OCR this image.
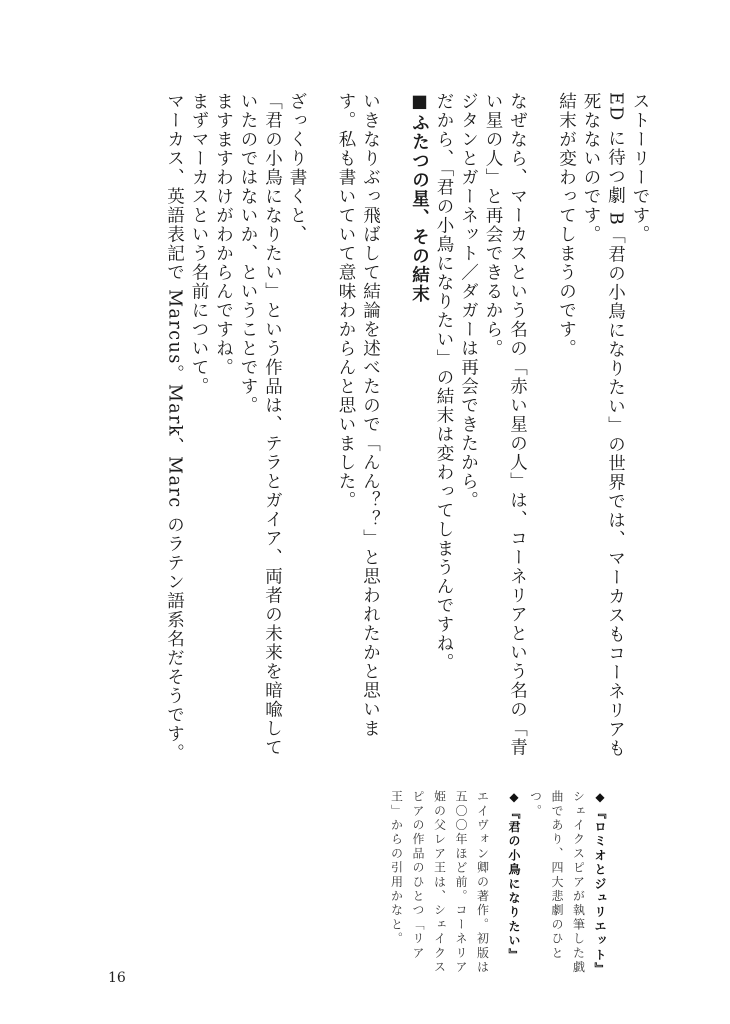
ストーリーです。

ED に待つ劇 B「君の小鳥になりたい」の世界では、マーカスもコーネリアも死なないのです。

結末が変わってしまうのです。

なぜなら、マーカスという名の「赤い星の人」は、コーネリアという名の「青い星の人」と再会できるから。

ジタンとガーネット／ダガーは再会できたから。

だから、「君の小鳥になりたい」の結末は変わってしまうんですね。

■ふたつの星、その結末

いきなりぶっ飛ばして結論を述べたので「んん？？」と思われたかと思います。私も書いていて意味わからんと思いました。

ざっくり書くと、

「君の小鳥になりたい」という作品は、テラとガイア、両者の未来を暗喩していたのではないか、ということです。

ますますわけがわからんですね。

まずマーカスという名前について。

マーカス、英語表記で Marcus。Mark、Marc のラテン語系名だそうです。

◆『ロミオとジュリエット』

シェイクスピアが執筆した戯曲であり、四大悲劇のひとつ。

◆『君の小鳥になりたい』

エイヴォン卿の著作。初版は五〇〇年ほど前。コーネリア姫の父レア王は、シェイクスピアの作品のひとつ「リア王」からの引用かなと。

16
